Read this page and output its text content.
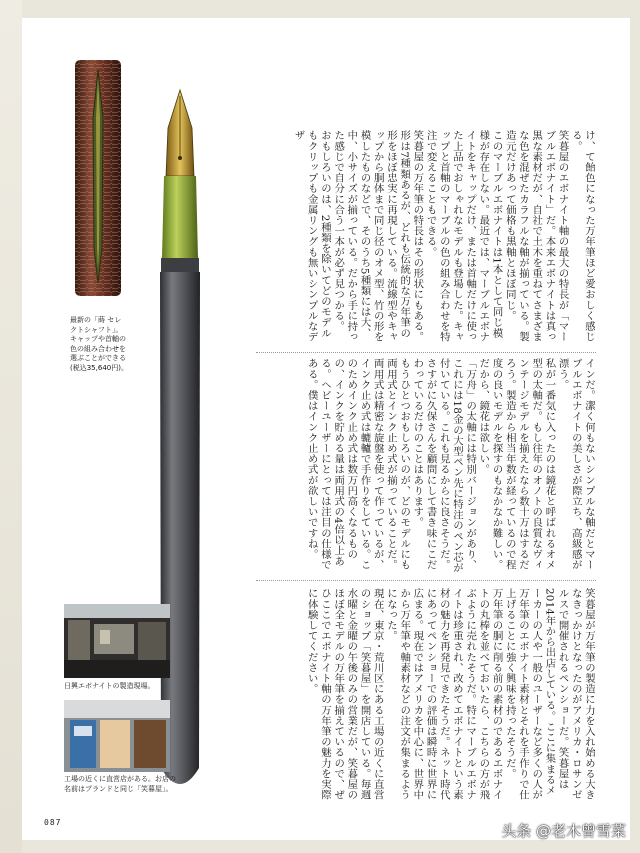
最新の「蒔 セレ
クトシャフト」。
キャップや首軸の
色の組み合わせを
選ぶことができる
(税込35,640円)。
日興エボナイトの製造現場。
工場の近くに直営店がある。お店の
名前はブランドと同じ「笑暮屋」。

け、て飴色になった万年筆ほど愛おしく感じる。

笑暮屋のエボナイト軸の最大の特長が「マーブルエボナイト」だ。本来エボナイトは真っ黒な素材だが、自社で土木を重ねてさまざまな色を混ぜたカラフルな軸が揃っている。製造元だけあって価格も黒軸とほぼ同じ。

このマーブルエボナイトは1本として同じ模様が存在しない。最近では、マーブルエボナイトをキャップだけ、または首軸だけに使った上品でおしゃれなモデルも登場した。キャップと首軸のマーブルの色の組み合わせを特注で変えることもできる。

笑暮屋の万年筆の特長はその形状にもある。形は7種類あるが、どれも伝統的な万年筆の形をほぼ忠実に再現している。流線型やキャップから胴体まで同じ径のオメ型、竹の形を模したものなどで、そのうち5種類には大、中、小サイズが揃っている。だから手に持った感じで自分に合う一本が必ず見つかる。

おもしろいのは、2種類を除いてどのモデルもクリップも金属リングも無いシンプルなデザ

インだ。潔く何もないシンプルな軸だとマーブルエボナイトの美しさが際立ち、高級感が漂う。

私が一番気に入ったのは鏡花と呼ばれるオメ型の太軸だ。もし往年のオノトの良質なヴィンテージモデルを揃えたなら数十万はするだろう。製造から相当年数が経っているので程度の良いモデルを探すのもなかなか難しい。だから、鏡花は欲しい。

「万舟」の太軸には特別バージョンがあり、これには18金の大型ペン先に特注のペン芯が付いている。これも見るからに良さそうだ。さすがに久保さんを顧問にして書き味にこだわっているだけのことはあります。

もうひとつおもしろいのが、どのモデルにも両用式とインク止め式が揃っていることだ。両用式は精密な旋盤を使って作っているが、インク止め式は轆轤で手作りをしている。このためインク止め式は数万円高くなるものの、インクを貯める量は両用式の4倍以上ある。ヘビーユーザーにとっては注目の仕様である。僕はインク止め式が欲しいですね。

笑暮屋が万年筆の製造に力を入れ始める大きなきっかけとなったのがアメリカ・ロサンゼルスで開催されるペンショーだ。笑暮屋は2014年から出店している。ここに集まるメーカーの人や一般のユーザーなど多くの人が万年筆のエボナイト素材とそれを手作りで仕上げることに強く興味を持ったそうだ。

万年筆の胴に削る前の素材のであるエボナイトの丸棒を並べておいたら、こちらの方が飛ぶように売れたそうだ。特にマーブルエボナイトは珍重され、改めてエボナイトという素材の魅力を再発見できたそうだ。ネット時代にあってペンショーでの評価は瞬時に世界に広まる。現在ではアメリカを中心に、世界中から万年筆や軸素材などの注文が集まるようになった。

現在、東京・荒川区にある工場の近くに直営のショップ「笑暮屋」を開店している。毎週水曜と金曜の午後のみの営業だが、笑暮屋のほぼ全モデルの万年筆を揃えているので、ぜひここでエボナイト軸の万年筆の魅力を実際に体験してください。

087	头条 @老木曾雪菜
